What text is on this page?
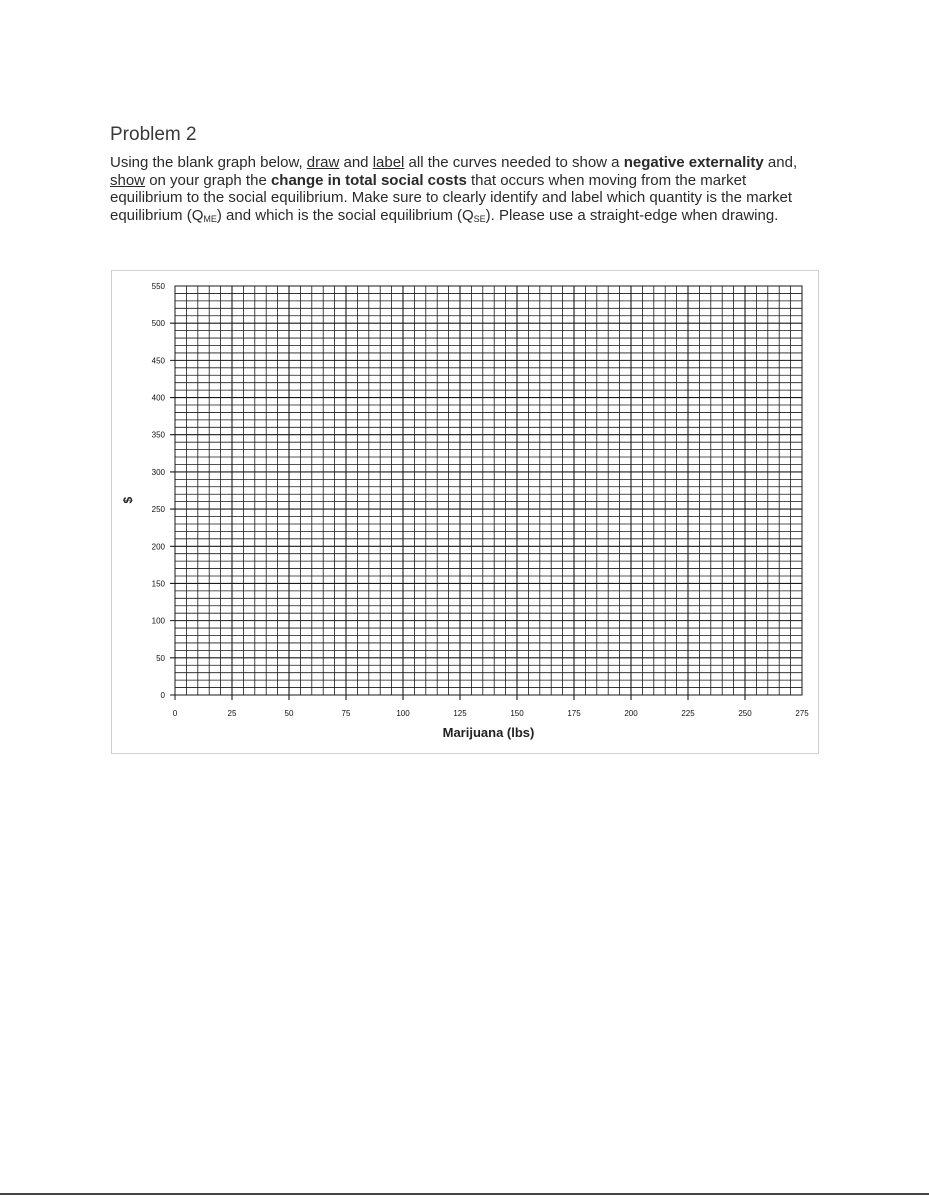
Problem 2

Using the blank graph below, draw and label all the curves needed to show a negative externality and, show on your graph the change in total social costs that occurs when moving from the market equilibrium to the social equilibrium. Make sure to clearly identify and label which quantity is the market equilibrium $(Q_{ME})$ and which is the social equilibrium $(Q_{SE})$. Please use a straight-edge when drawing.

0	25	50	75	100	125	150	175	200	225	250	275
0
50
100
150
200
250
300
350
400
450
500
550
Marijuana (lbs)
$
